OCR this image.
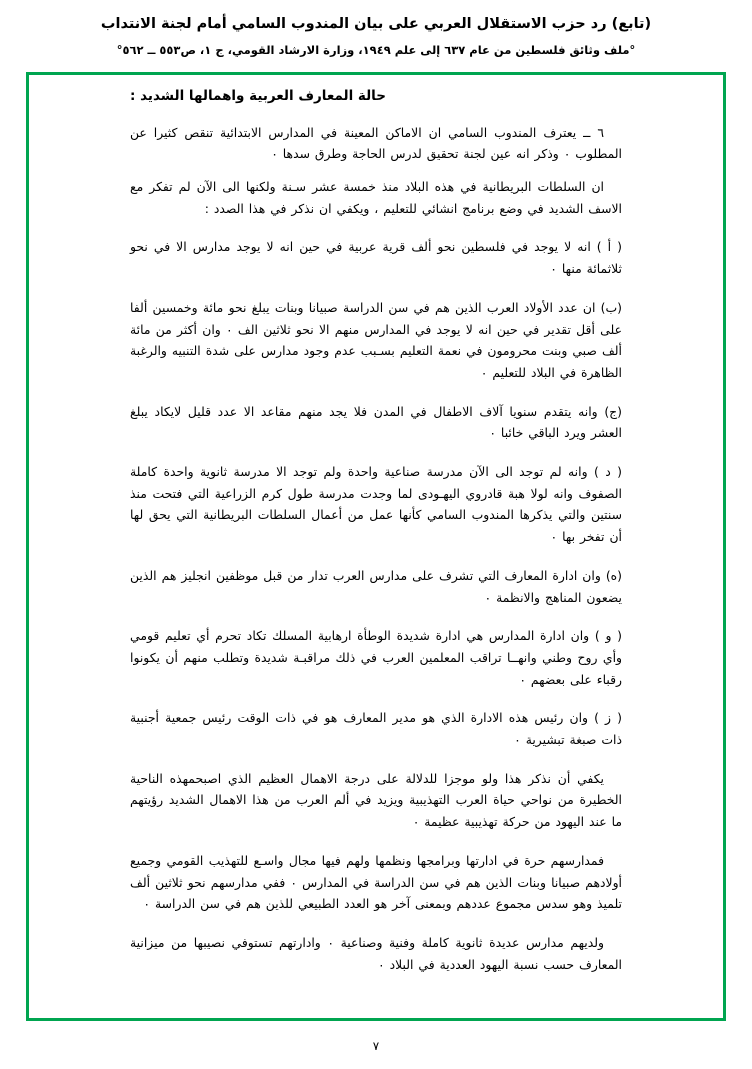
(تابع) رد حزب الاستقلال العربي على بيان المندوب السامي أمام لجنة الانتداب
°ملف وثائق فلسطين من عام ٦٣٧ إلى علم ١٩٤٩، وزارة الارشاد القومي، ج ١، ص٥٥٣ ــ ٥٦٢°
حالة المعارف العربية واهمالها الشديد :

٦ ــ يعترف المندوب السامي ان الاماكن المعينة في المدارس الابتدائية تنقص كثيرا عن المطلوب ٠ وذكر انه عين لجنة تحقيق لدرس الحاجة وطرق سدها ٠

ان السلطات البريطانية في هذه البلاد منذ خمسة عشر سـنة ولكنها الى الآن لم تفكر مع الاسف الشديد في وضع برنامج انشائي للتعليم ، ويكفي ان نذكر في هذا الصدد :

( أ ) انه لا يوجد في فلسطين نحو ألف قرية عربية في حين انه لا يوجد مدارس الا في نحو ثلاثمائة منها ٠

(ب) ان عدد الأولاد العرب الذين هم في سن الدراسة صبيانا وبنات يبلغ نحو مائة وخمسين ألفا على أقل تقدير في حين انه لا يوجد في المدارس منهم الا نحو ثلاثين الف ٠ وان أكثر من مائة ألف صبي وبنت محرومون في نعمة التعليم بسـبب عدم وجود مدارس على شدة التنبيه والرغبة الظاهرة في البلاد للتعليم ٠

(ج) وانه يتقدم سنويا آلاف الاطفال في المدن فلا يجد منهم مقاعد الا عدد قليل لايكاد يبلغ العشر ويرد الباقي خائبا ٠

( د ) وانه لم توجد الى الآن مدرسة صناعية واحدة ولم توجد الا مدرسة ثانوية واحدة كاملة الصفوف وانه لولا هبة قادروي اليهـودى لما وجدت مدرسة طول كرم الزراعية التي فتحت منذ سنتين والتي يذكرها المندوب السامي كأنها عمل من أعمال السلطات البريطانية التي يحق لها أن تفخر بها ٠

(ه) وان ادارة المعارف التي تشرف على مدارس العرب تدار من قبل موظفين انجليز هم الذين يضعون المناهج والانظمة ٠

( و ) وان ادارة المدارس هي ادارة شديدة الوطأة ارهابية المسلك تكاد تحرم أي تعليم قومي وأي روح وطني وانهــا تراقب المعلمين العرب في ذلك مراقبـة شديدة وتطلب منهم أن يكونوا رقباء على بعضهم ٠

( ز ) وان رئيس هذه الادارة الذي هو مدير المعارف هو في ذات الوقت رئيس جمعية أجنبية ذات صبغة تبشيرية ٠

يكفي أن نذكر هذا ولو موجزا للدلالة على درجة الاهمال العظيم الذي اصبحمهذه الناحية الخطيرة من نواحي حياة العرب التهذيبية ويزيد في ألم العرب من هذا الاهمال الشديد رؤيتهم ما عند اليهود من حركة تهذيبية عظيمة ٠

فمدارسهم حرة في ادارتها وبرامجها ونظمها ولهم فيها مجال واسـع للتهذيب القومي وجميع أولادهم صبيانا وبنات الذين هم في سن الدراسة في المدارس ٠ ففي مدارسهم نحو ثلاثين ألف تلميذ وهو سدس مجموع عددهم وبمعنى آخر هو العدد الطبيعي للذين هم في سن الدراسة ٠

ولديهم مدارس عديدة ثانوية كاملة وفنية وصناعية ٠ وادارتهم تستوفي نصيبها من ميزانية المعارف حسب نسبة اليهود العددية في البلاد ٠

٧
